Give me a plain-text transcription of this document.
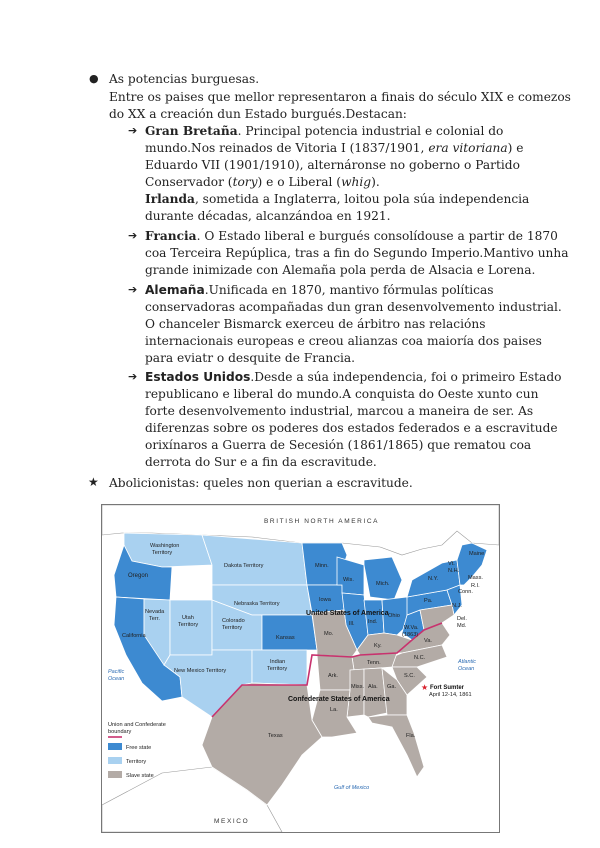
● As potencias burguesas.
Entre os paises que mellor representaron a finais do século XIX e comezos
do XX a creación dun Estado burgués.Destacan:
➔ Gran Bretaña. Principal potencia industrial e colonial do
mundo.Nos reinados de Vitoria I (1837/1901, era vitoriana) e
Eduardo VII (1901/1910), alternáronse no goberno o Partido
Conservador (tory) e o Liberal (whig).
Irlanda, sometida a Inglaterra, loitou pola súa independencia
durante décadas, alcanzándoa en 1921.
➔ Francia. O Estado liberal e burgués consolídouse a partir de 1870
coa Terceira Repúplica, tras a fin do Segundo Imperio.Mantivo unha
grande inimizade con Alemaña pola perda de Alsacia e Lorena.
➔ Alemaña.Unificada en 1870, mantivo fórmulas políticas
conservadoras acompañadas dun gran desenvolvemento industrial.
O chanceler Bismarck exerceu de árbitro nas relacións
internacionais europeas e creou alianzas coa maioría dos paises
para eviatr o desquite de Francia.
➔ Estados Unidos.Desde a súa independencia, foi o primeiro Estado
republicano e liberal do mundo.A conquista do Oeste xunto cun
forte desenvolvemento industrial, marcou a maneira de ser. As
diferenzas sobre os poderes dos estados federados e a escravitude
orixínaros a Guerra de Secesión (1861/1865) que rematou coa
derrota do Sur e a fin da escravitude.
★ Abolicionistas: queles non querian a escravitude.
BRITISH NORTH AMERICA
MEXICO
Pacific
Ocean
Atlantic
Ocean
Gulf of Mexico
Washington
Territory
Oregon
California
Nevada
Terr.	Utah
Territory
Colorado
Territory
Dakota Territory
Nebraska Territory
Kansas
New Mexico Territory
Indian
Territory
Texas
Minn.
Wis.
Mich.
Iowa
Ill. Ind.
Ohio
Pa.
N.Y.
Vt.
N.H.
Maine
Mass.
R.I.
Conn.
N.J.
Del.
Md.
W.Va.
(1863)
Va.
Ky.
Mo.
Tenn.
N.C.
S.C.
Ark.
Miss. Ala. Ga.
La.
Fla.
United States of America
Confederate States of America
★ Fort Sumter
April 12-14, 1861
Union and Confederate
boundary
Free state
Territory
Slave state
